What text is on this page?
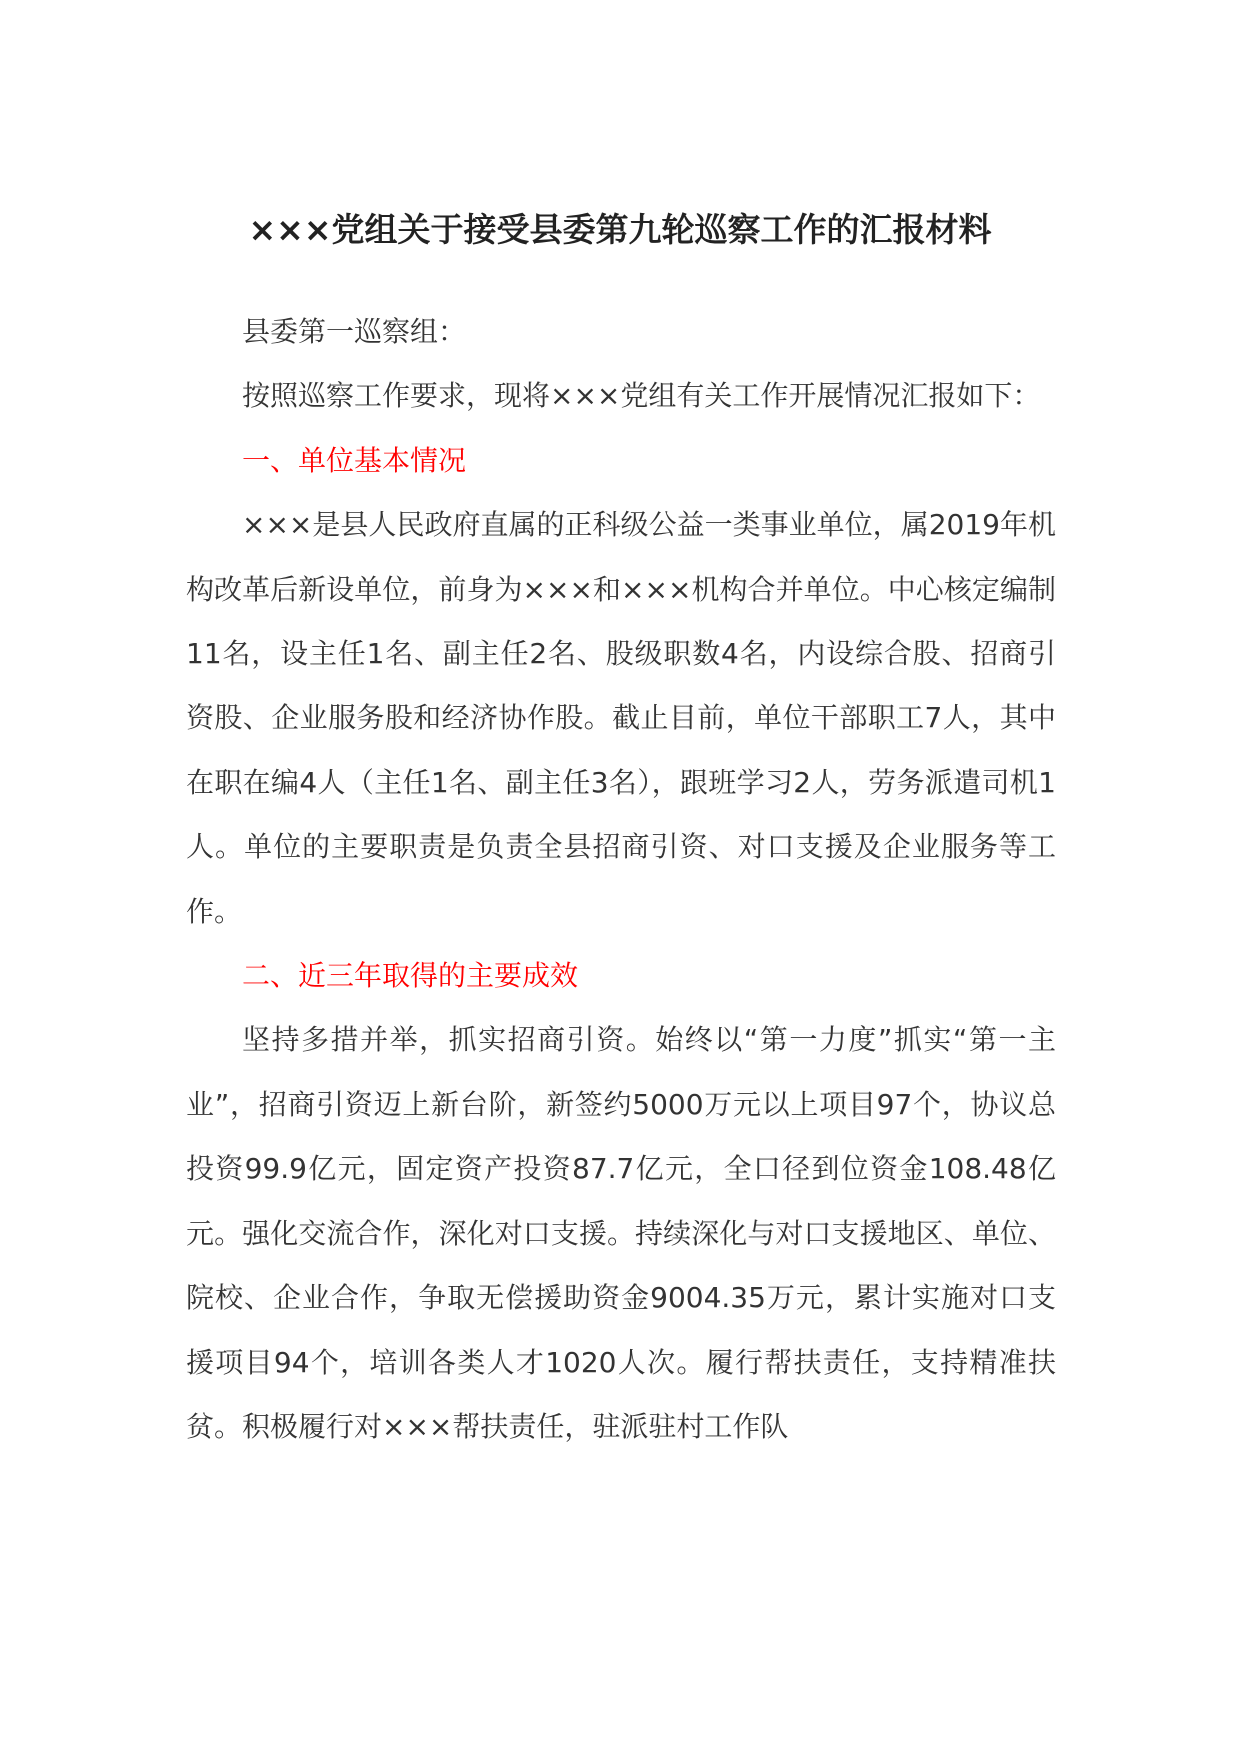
×××党组关于接受县委第九轮巡察工作的汇报材料

县委第一巡察组：

按照巡察工作要求，现将×××党组有关工作开展情况汇报如下：

一、单位基本情况

×××是县人民政府直属的正科级公益一类事业单位，属2019年机构改革后新设单位，前身为×××和×××机构合并单位。中心核定编制11名，设主任1名、副主任2名、股级职数4名，内设综合股、招商引资股、企业服务股和经济协作股。截止目前，单位干部职工7人，其中在职在编4人（主任1名、副主任3名），跟班学习2人，劳务派遣司机1人。单位的主要职责是负责全县招商引资、对口支援及企业服务等工作。

二、近三年取得的主要成效

坚持多措并举，抓实招商引资。始终以“第一力度”抓实“第一主业”，招商引资迈上新台阶，新签约5000万元以上项目97个，协议总投资99.9亿元，固定资产投资87.7亿元，全口径到位资金108.48亿元。强化交流合作，深化对口支援。持续深化与对口支援地区、单位、院校、企业合作，争取无偿援助资金9004.35万元，累计实施对口支援项目94个，培训各类人才1020人次。履行帮扶责任，支持精准扶贫。积极履行对×××帮扶责任，驻派驻村工作队
